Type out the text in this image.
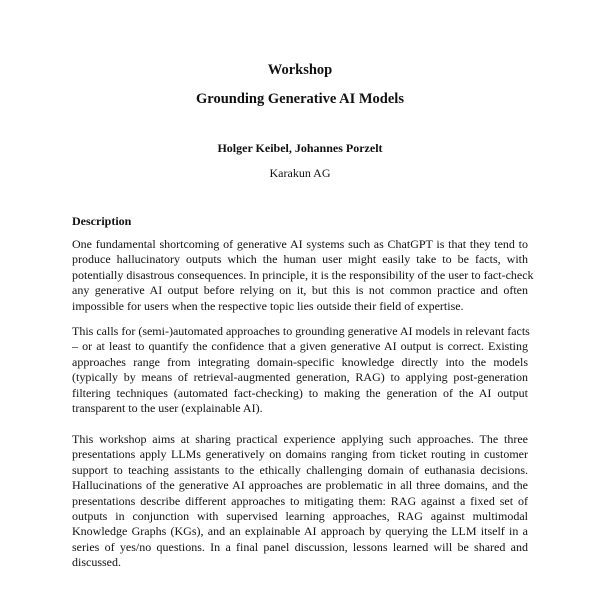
Workshop
Grounding Generative AI Models
Holger Keibel, Johannes Porzelt
Karakun AG
Description
One fundamental shortcoming of generative AI systems such as ChatGPT is that they tend to
produce hallucinatory outputs which the human user might easily take to be facts, with
potentially disastrous consequences. In principle, it is the responsibility of the user to fact-check
any generative AI output before relying on it, but this is not common practice and often
impossible for users when the respective topic lies outside their field of expertise.
This calls for (semi-)automated approaches to grounding generative AI models in relevant facts
– or at least to quantify the confidence that a given generative AI output is correct. Existing
approaches range from integrating domain-specific knowledge directly into the models
(typically by means of retrieval-augmented generation, RAG) to applying post-generation
filtering techniques (automated fact-checking) to making the generation of the AI output
transparent to the user (explainable AI).
This workshop aims at sharing practical experience applying such approaches. The three
presentations apply LLMs generatively on domains ranging from ticket routing in customer
support to teaching assistants to the ethically challenging domain of euthanasia decisions.
Hallucinations of the generative AI approaches are problematic in all three domains, and the
presentations describe different approaches to mitigating them: RAG against a fixed set of
outputs in conjunction with supervised learning approaches, RAG against multimodal
Knowledge Graphs (KGs), and an explainable AI approach by querying the LLM itself in a
series of yes/no questions. In a final panel discussion, lessons learned will be shared and
discussed.
